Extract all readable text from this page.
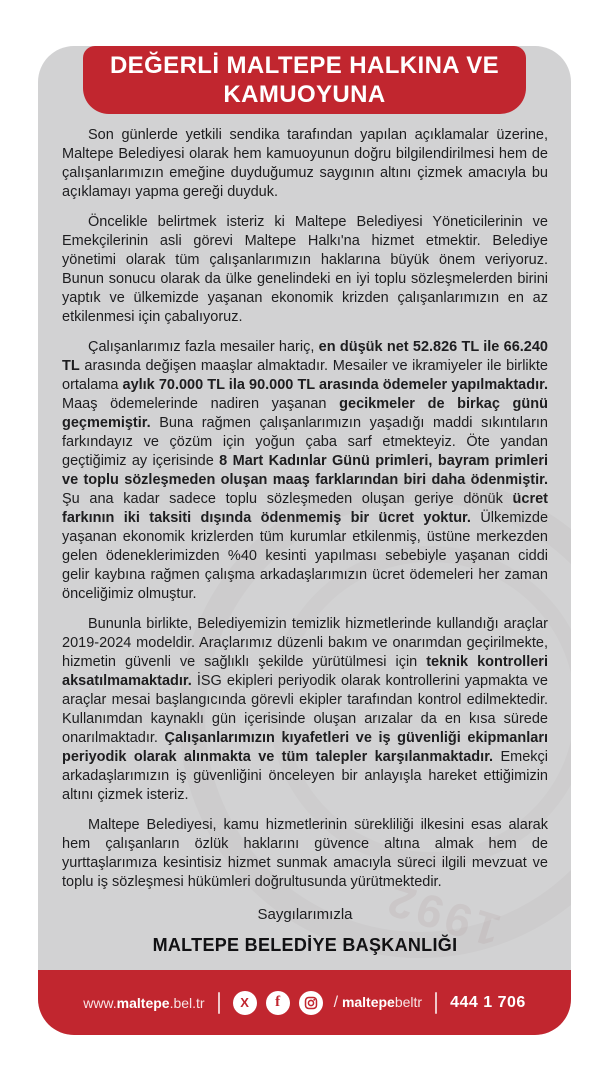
1992
DEĞERLİ MALTEPE HALKINA VE
KAMUOYUNA

Son günlerde yetkili sendika tarafından yapılan açıklamalar üzerine, Maltepe Belediyesi olarak hem kamuoyunun doğru bilgilendirilmesi hem de çalışanlarımızın emeğine duyduğumuz saygının altını çizmek amacıyla bu açıklamayı yapma gereği duyduk.

Öncelikle belirtmek isteriz ki Maltepe Belediyesi Yöneticilerinin ve Emekçilerinin asli görevi Maltepe Halkı'na hizmet etmektir. Belediye yönetimi olarak tüm çalışanlarımızın haklarına büyük önem veriyoruz. Bunun sonucu olarak da ülke genelindeki en iyi toplu sözleşmelerden birini yaptık ve ülkemizde yaşanan ekonomik krizden çalışanlarımızın en az etkilenmesi için çabalıyoruz.

Çalışanlarımız fazla mesailer hariç, en düşük net 52.826 TL ile 66.240 TL arasında değişen maaşlar almaktadır. Mesailer ve ikramiyeler ile birlikte ortalama aylık 70.000 TL ila 90.000 TL arasında ödemeler yapılmaktadır. Maaş ödemelerinde nadiren yaşanan gecikmeler de birkaç günü geçmemiştir. Buna rağmen çalışanlarımızın yaşadığı maddi sıkıntıların farkındayız ve çözüm için yoğun çaba sarf etmekteyiz. Öte yandan geçtiğimiz ay içerisinde 8 Mart Kadınlar Günü primleri, bayram primleri ve toplu sözleşmeden oluşan maaş farklarından biri daha ödenmiştir. Şu ana kadar sadece toplu sözleşmeden oluşan geriye dönük ücret farkının iki taksiti dışında ödenmemiş bir ücret yoktur. Ülkemizde yaşanan ekonomik krizlerden tüm kurumlar etkilenmiş, üstüne merkezden gelen ödeneklerimizden %40 kesinti yapılması sebebiyle yaşanan ciddi gelir kaybına rağmen çalışma arkadaşlarımızın ücret ödemeleri her zaman önceliğimiz olmuştur.

Bununla birlikte, Belediyemizin temizlik hizmetlerinde kullandığı araçlar 2019-2024 modeldir. Araçlarımız düzenli bakım ve onarımdan geçirilmekte, hizmetin güvenli ve sağlıklı şekilde yürütülmesi için teknik kontrolleri aksatılmamaktadır. İSG ekipleri periyodik olarak kontrollerini yapmakta ve araçlar mesai başlangıcında görevli ekipler tarafından kontrol edilmektedir. Kullanımdan kaynaklı gün içerisinde oluşan arızalar da en kısa sürede onarılmaktadır. Çalışanlarımızın kıyafetleri ve iş güvenliği ekipmanları periyodik olarak alınmakta ve tüm talepler karşılanmaktadır. Emekçi arkadaşlarımızın iş güvenliğini önceleyen bir anlayışla hareket ettiğimizin altını çizmek isteriz.

Maltepe Belediyesi, kamu hizmetlerinin sürekliliği ilkesini esas alarak hem çalışanların özlük haklarını güvence altına almak hem de yurttaşlarımıza kesintisiz hizmet sunmak amacıyla süreci ilgili mevzuat ve toplu iş sözleşmesi hükümleri doğrultusunda yürütmektedir.

Saygılarımızla
MALTEPE BELEDİYE BAŞKANLIĞI
www.maltepe.bel.tr	X	f	/ maltepebeltr 444 1 706
